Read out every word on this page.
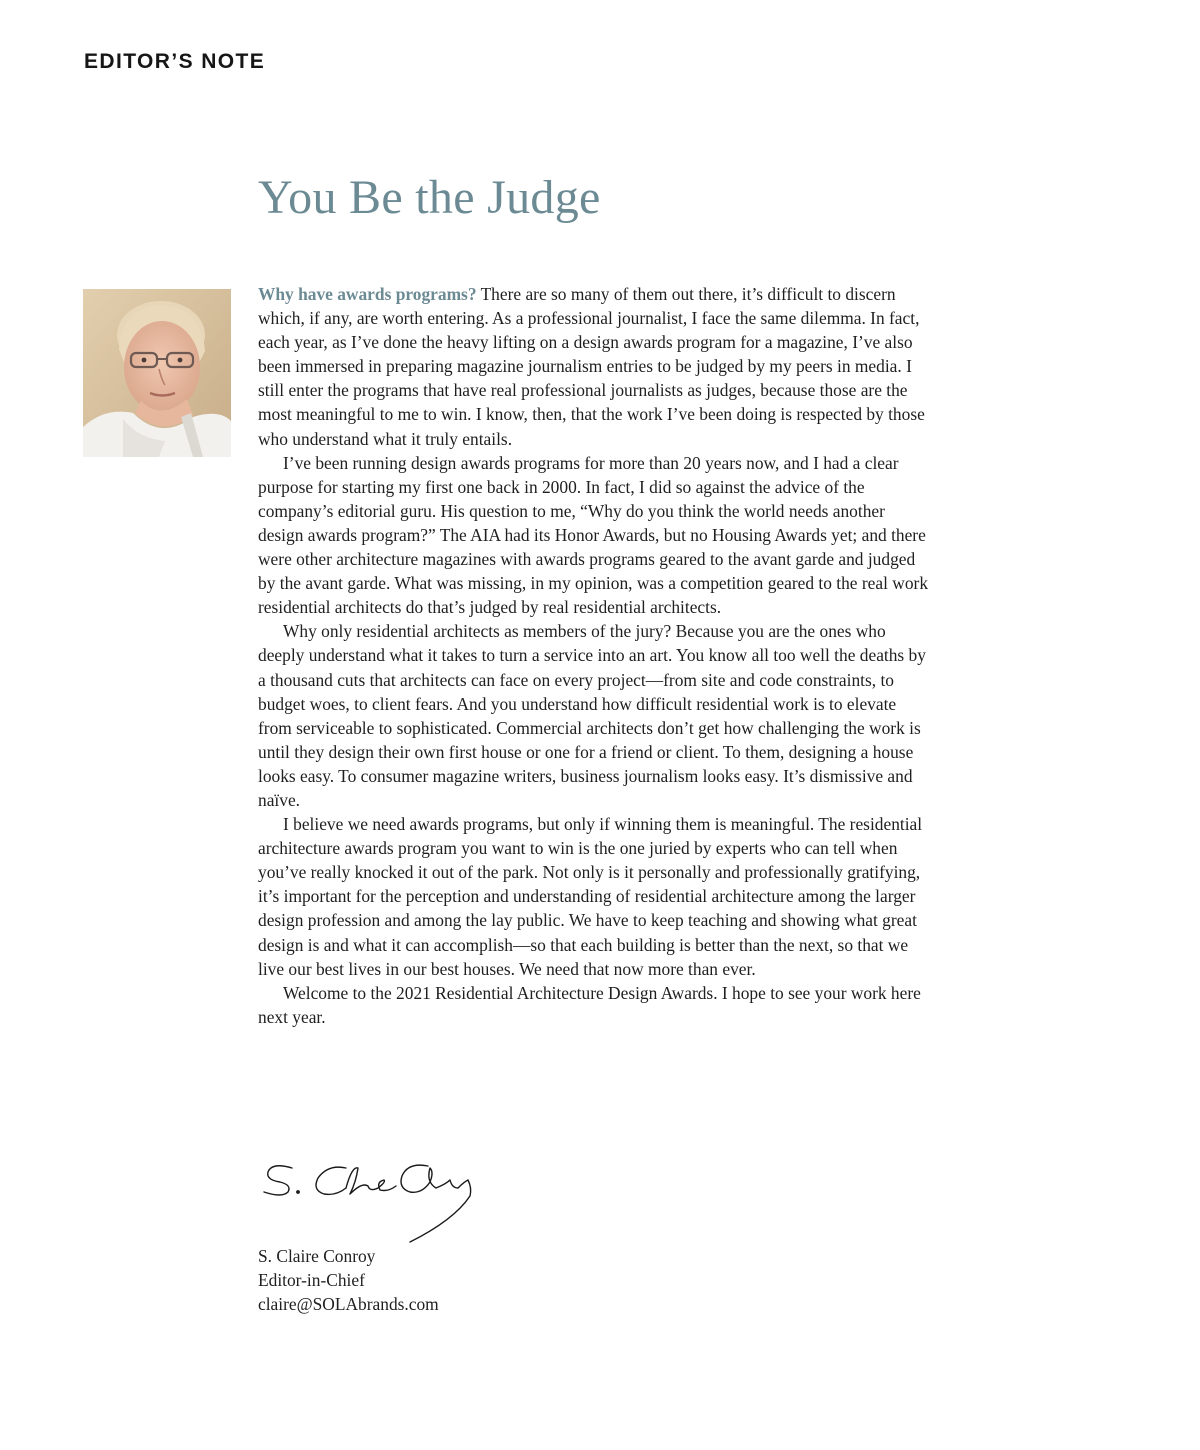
EDITOR’S NOTE
You Be the Judge

Why have awards programs? There are so many of them out there, it’s difficult to discern which, if any, are worth entering. As a professional journalist, I face the same dilemma. In fact, each year, as I’ve done the heavy lifting on a design awards program for a magazine, I’ve also been immersed in preparing magazine journalism entries to be judged by my peers in media. I still enter the programs that have real professional journalists as judges, because those are the most meaningful to me to win. I know, then, that the work I’ve been doing is respected by those who understand what it truly entails.

I’ve been running design awards programs for more than 20 years now, and I had a clear purpose for starting my first one back in 2000. In fact, I did so against the advice of the company’s editorial guru. His question to me, “Why do you think the world needs another design awards program?” The AIA had its Honor Awards, but no Housing Awards yet; and there were other architecture magazines with awards programs geared to the avant garde and judged by the avant garde. What was missing, in my opinion, was a competition geared to the real work residential architects do that’s judged by real residential architects.

Why only residential architects as members of the jury? Because you are the ones who deeply understand what it takes to turn a service into an art. You know all too well the deaths by a thousand cuts that architects can face on every project—from site and code constraints, to budget woes, to client fears. And you understand how difficult residential work is to elevate from serviceable to sophisticated. Commercial architects don’t get how challenging the work is until they design their own first house or one for a friend or client. To them, designing a house looks easy. To consumer magazine writers, business journalism looks easy. It’s dismissive and naïve.

I believe we need awards programs, but only if winning them is meaningful. The residential architecture awards program you want to win is the one juried by experts who can tell when you’ve really knocked it out of the park. Not only is it personally and professionally gratifying, it’s important for the perception and understanding of residential architecture among the larger design profession and among the lay public. We have to keep teaching and showing what great design is and what it can accomplish—so that each building is better than the next, so that we live our best lives in our best houses. We need that now more than ever.

Welcome to the 2021 Residential Architecture Design Awards. I hope to see your work here next year.

S. Claire Conroy
Editor-in-Chief
claire@SOLAbrands.com
